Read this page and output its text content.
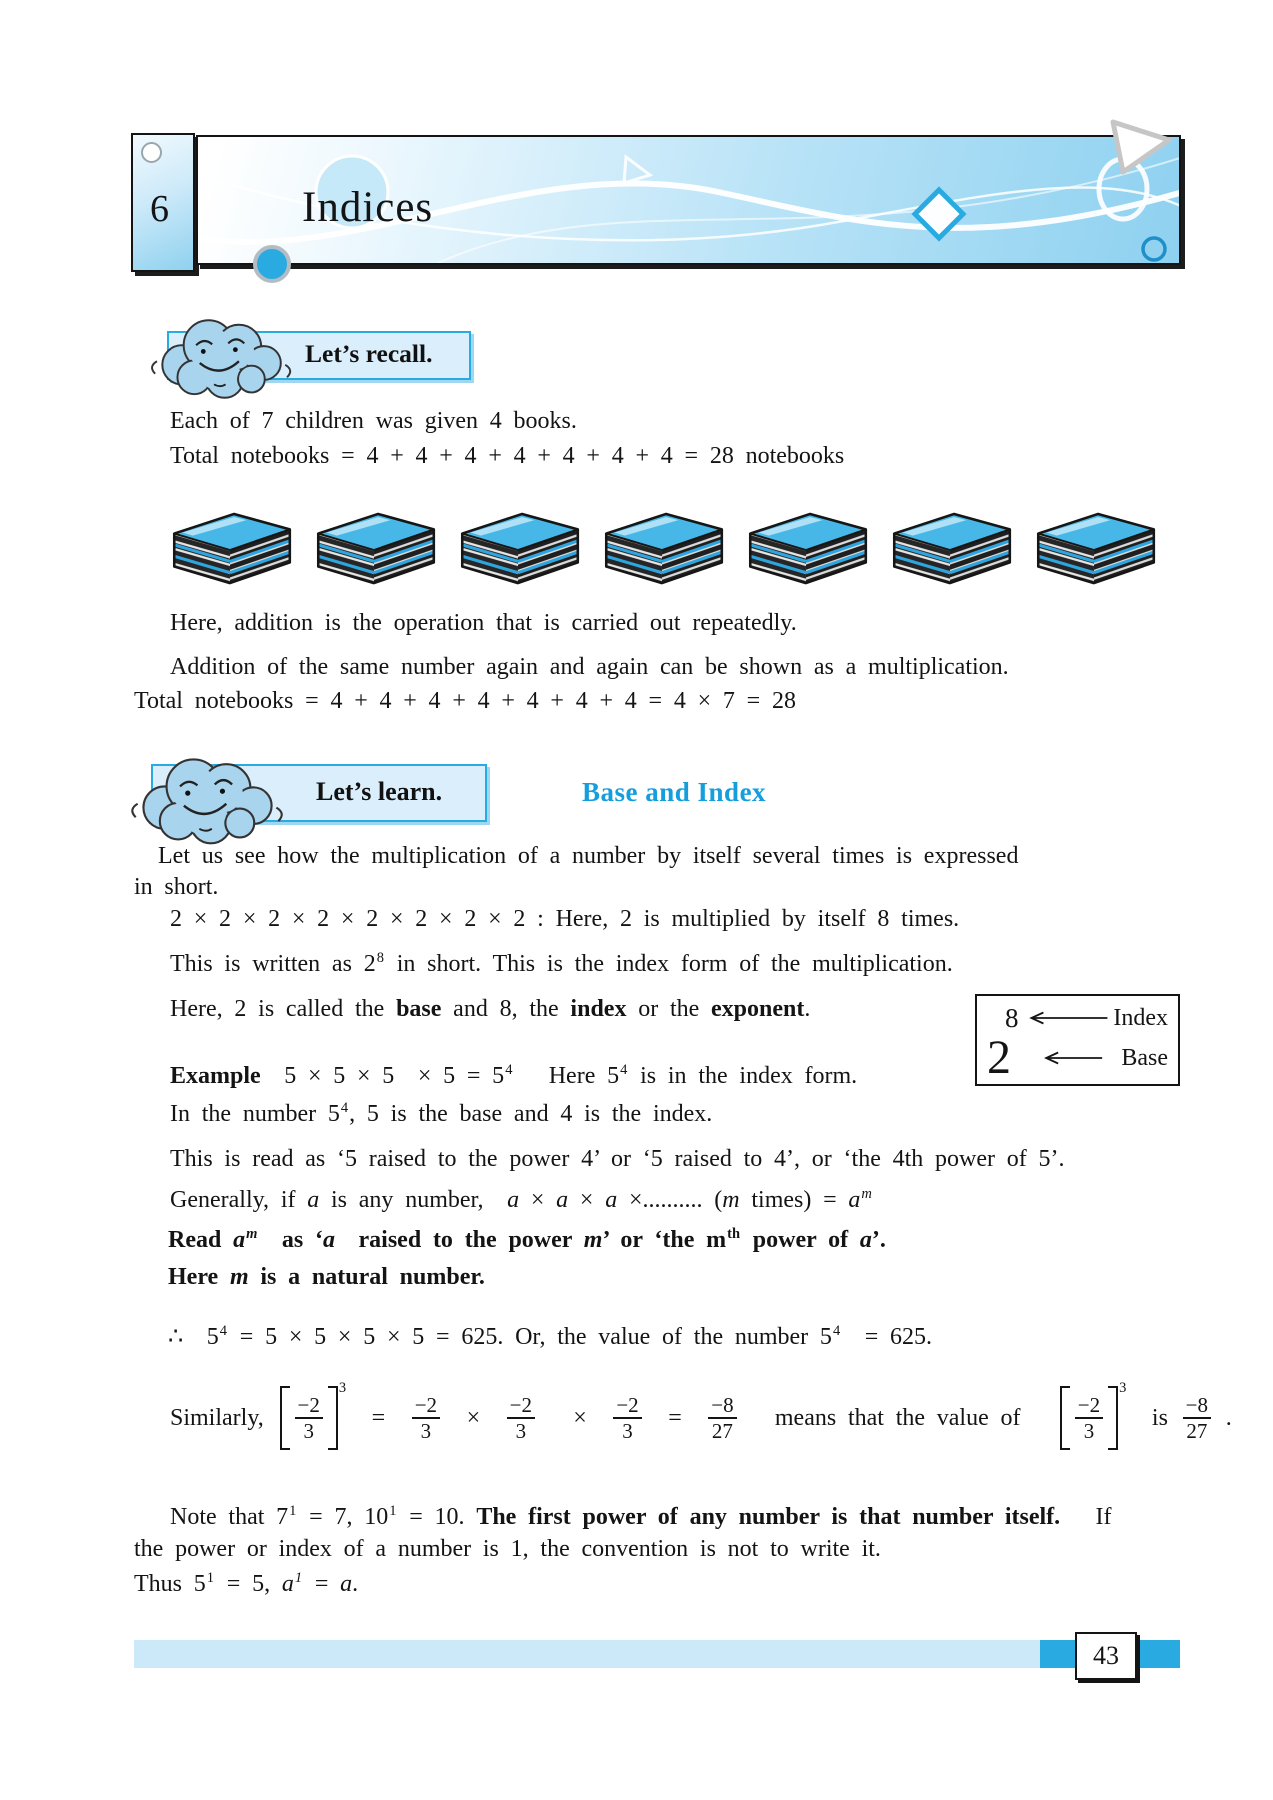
6	Indices
Let’s recall.
Each of 7 children was given 4 books.
Total notebooks = 4 + 4 + 4 + 4 + 4 + 4 + 4 = 28 notebooks
Here, addition is the operation that is carried out repeatedly.
Addition of the same number again and again can be shown as a multiplication.
Total notebooks = 4 + 4 + 4 + 4 + 4 + 4 + 4 = 4 × 7 = 28
Let’s learn.	Base and Index
Let us see how the multiplication of a number by itself several times is expressed
in short.
2 × 2 × 2 × 2 × 2 × 2 × 2 × 2 : Here, 2 is multiplied by itself 8 times.
This is written as $2^8$ in short. This is the index form of the multiplication.
Here, 2 is called the base and 8, the index or the exponent.	8	Index
2	Base
Example  $5 \times 5 \times 5 \times 5 = 5^4$   Here $5^4$ is in the index form.
In the number $5^4$, 5 is the base and 4 is the index.
This is read as ‘5 raised to the power 4’ or ‘5 raised to 4’, or ‘the 4th power of 5’.
Generally, if a is any number,  a × a × a ×.......... (m times) = $a^m$
Read $a^m$  as ‘a  raised to the power m’ or ‘the $m^{th}$ power of a’.
Here m is a natural number.
∴  $5^4 = 5 \times 5 \times 5 \times 5 = 625$. Or, the value of the number $5^4 = 625$.
Similarly, $\frac{-2}{3}$
3
= $\frac{-2}{3} \times \frac{-2}{3} \times \frac{-2}{3} = \frac{-8}{27}$ means that the value of $\frac{-2}{3}$
3
is $\frac{-8}{27}$ .
Note that $7^1 = 7$, $10^1 = 10$. The first power of any number is that number itself.   If
the power or index of a number is 1, the convention is not to write it.
Thus $5^1 = 5$, $a^1 = a$.
43
